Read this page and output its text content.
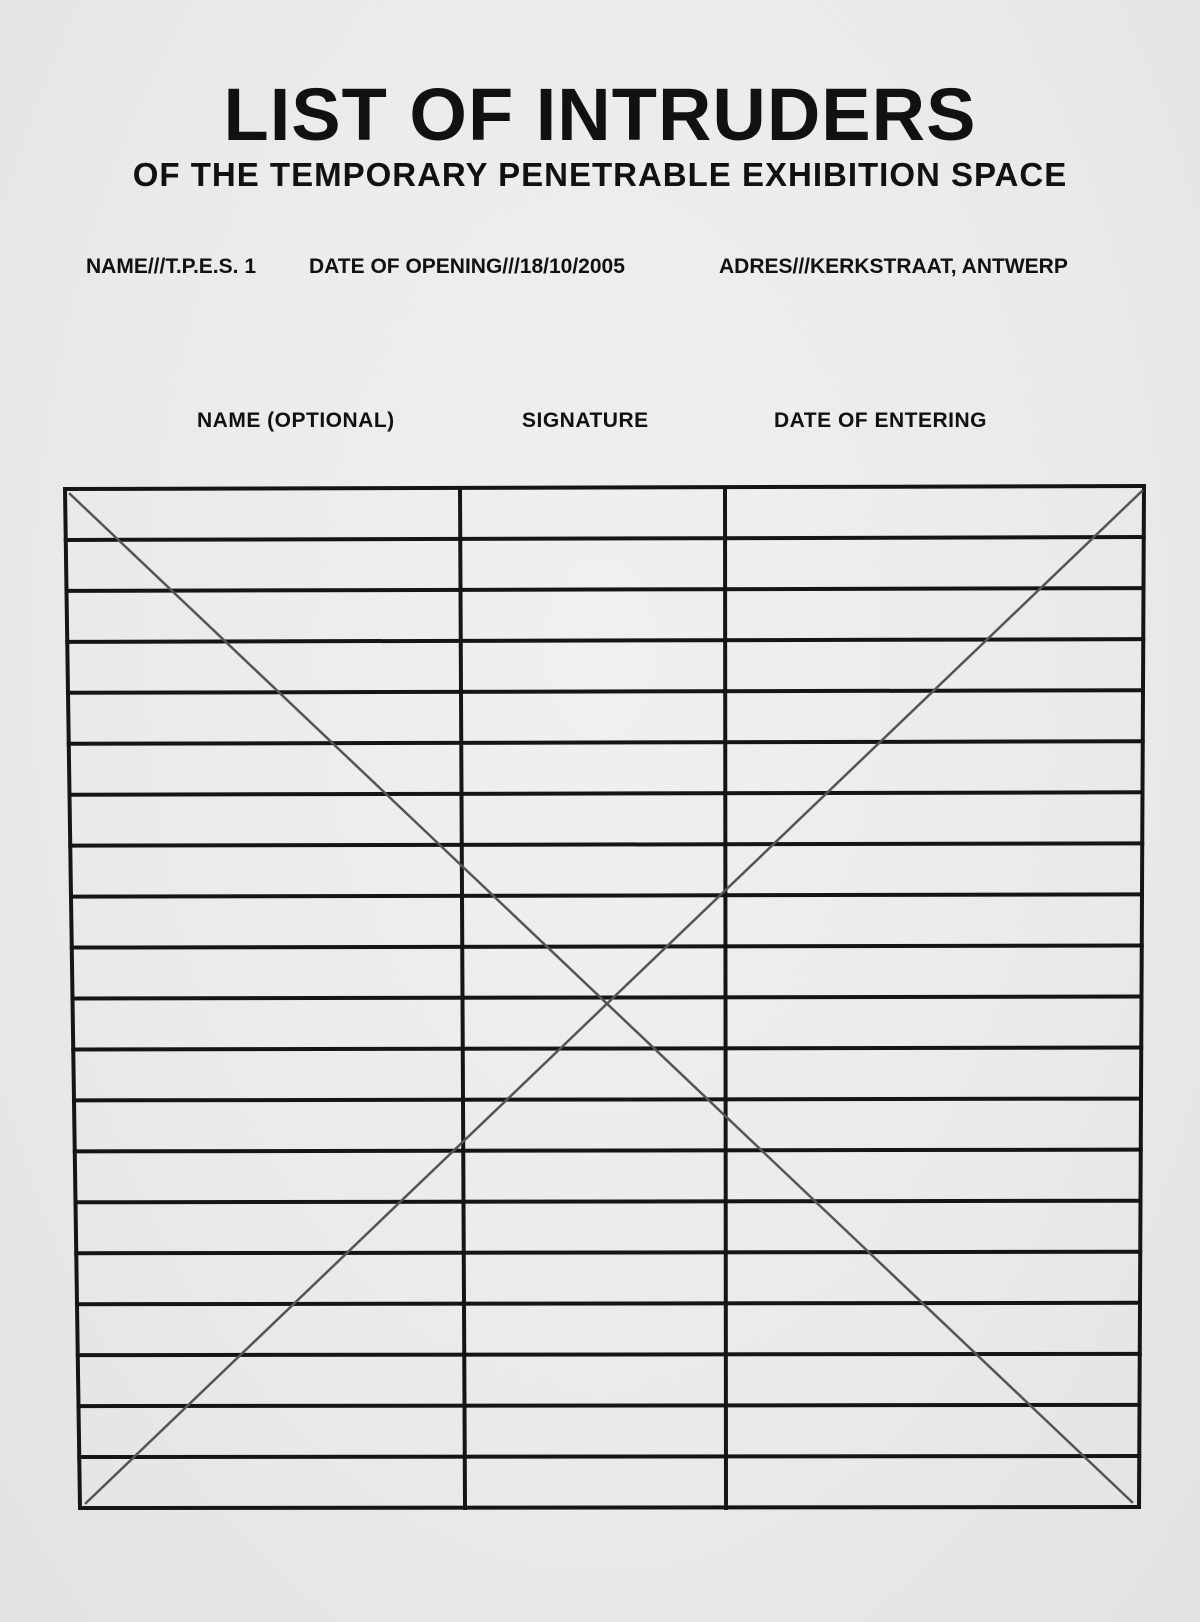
LIST OF INTRUDERS
OF THE TEMPORARY PENETRABLE EXHIBITION SPACE
NAME///T.P.E.S. 1	DATE OF OPENING///18/10/2005	ADRES///KERKSTRAAT, ANTWERP
NAME (OPTIONAL)	SIGNATURE	DATE OF ENTERING
